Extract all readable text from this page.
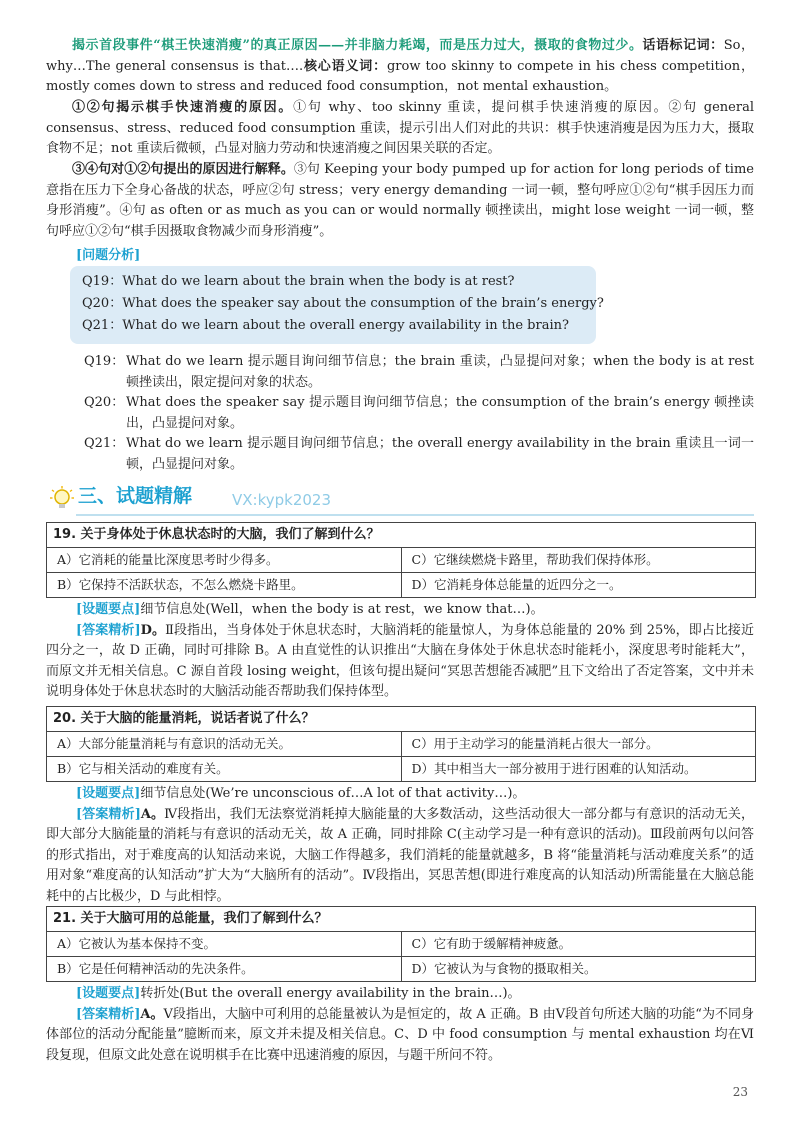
揭示首段事件“棋王快速消瘦”的真正原因——并非脑力耗竭，而是压力过大，摄取的食物过少。话语标记词：So，why…The general consensus is that….核心语义词：grow too skinny to compete in his chess competition，mostly comes down to stress and reduced food consumption，not mental exhaustion。

①②句揭示棋手快速消瘦的原因。①句 why、too skinny 重读，提问棋手快速消瘦的原因。②句 general consensus、stress、reduced food consumption 重读，提示引出人们对此的共识：棋手快速消瘦是因为压力大，摄取食物不足；not 重读后微顿，凸显对脑力劳动和快速消瘦之间因果关联的否定。

③④句对①②句提出的原因进行解释。③句 Keeping your body pumped up for action for long periods of time 意指在压力下全身心备战的状态，呼应②句 stress；very energy demanding 一词一顿，整句呼应①②句“棋手因压力而身形消瘦”。④句 as often or as much as you can or would normally 顿挫读出，might lose weight 一词一顿，整句呼应①②句“棋手因摄取食物减少而身形消瘦”。

[问题分析]
Q19：What do we learn about the brain when the body is at rest?
Q20：What does the speaker say about the consumption of the brain’s energy?
Q21：What do we learn about the overall energy availability in the brain?
Q19： What do we learn 提示题目询问细节信息；the brain 重读，凸显提问对象；when the body is at rest 顿挫读出，限定提问对象的状态。
Q20： What does the speaker say 提示题目询问细节信息；the consumption of the brain’s energy 顿挫读出，凸显提问对象。
Q21： What do we learn 提示题目询问细节信息；the overall energy availability in the brain 重读且一词一顿，凸显提问对象。
三、试题精解	VX:kypk2023
19. 关于身体处于休息状态时的大脑，我们了解到什么？
A）它消耗的能量比深度思考时少得多。	C）它继续燃烧卡路里，帮助我们保持体形。
B）它保持不活跃状态，不怎么燃烧卡路里。	D）它消耗身体总能量的近四分之一。

[设题要点]细节信息处(Well，when the body is at rest，we know that…)。

[答案精析]D。Ⅱ段指出，当身体处于休息状态时，大脑消耗的能量惊人，为身体总能量的 20% 到 25%，即占比接近四分之一，故 D 正确，同时可排除 B。A 由直觉性的认识推出“大脑在身体处于休息状态时能耗小，深度思考时能耗大”，而原文并无相关信息。C 源自首段 losing weight，但该句提出疑问“冥思苦想能否减肥”且下文给出了否定答案，文中并未说明身体处于休息状态时的大脑活动能否帮助我们保持体型。

20. 关于大脑的能量消耗，说话者说了什么？
A）大部分能量消耗与有意识的活动无关。	C）用于主动学习的能量消耗占很大一部分。
B）它与相关活动的难度有关。	D）其中相当大一部分被用于进行困难的认知活动。

[设题要点]细节信息处(We’re unconscious of…A lot of that activity…)。

[答案精析]A。Ⅳ段指出，我们无法察觉消耗掉大脑能量的大多数活动，这些活动很大一部分都与有意识的活动无关，即大部分大脑能量的消耗与有意识的活动无关，故 A 正确，同时排除 C(主动学习是一种有意识的活动)。Ⅲ段前两句以问答的形式指出，对于难度高的认知活动来说，大脑工作得越多，我们消耗的能量就越多，B 将“能量消耗与活动难度关系”的适用对象“难度高的认知活动”扩大为“大脑所有的活动”。Ⅳ段指出，冥思苦想(即进行难度高的认知活动)所需能量在大脑总能耗中的占比极少，D 与此相悖。

21. 关于大脑可用的总能量，我们了解到什么？
A）它被认为基本保持不变。	C）它有助于缓解精神疲惫。
B）它是任何精神活动的先决条件。	D）它被认为与食物的摄取相关。

[设题要点]转折处(But the overall energy availability in the brain…)。

[答案精析]A。Ⅴ段指出，大脑中可利用的总能量被认为是恒定的，故 A 正确。B 由Ⅴ段首句所述大脑的功能“为不同身体部位的活动分配能量”臆断而来，原文并未提及相关信息。C、D 中 food consumption 与 mental exhaustion 均在Ⅵ段复现，但原文此处意在说明棋手在比赛中迅速消瘦的原因，与题干所问不符。

23
